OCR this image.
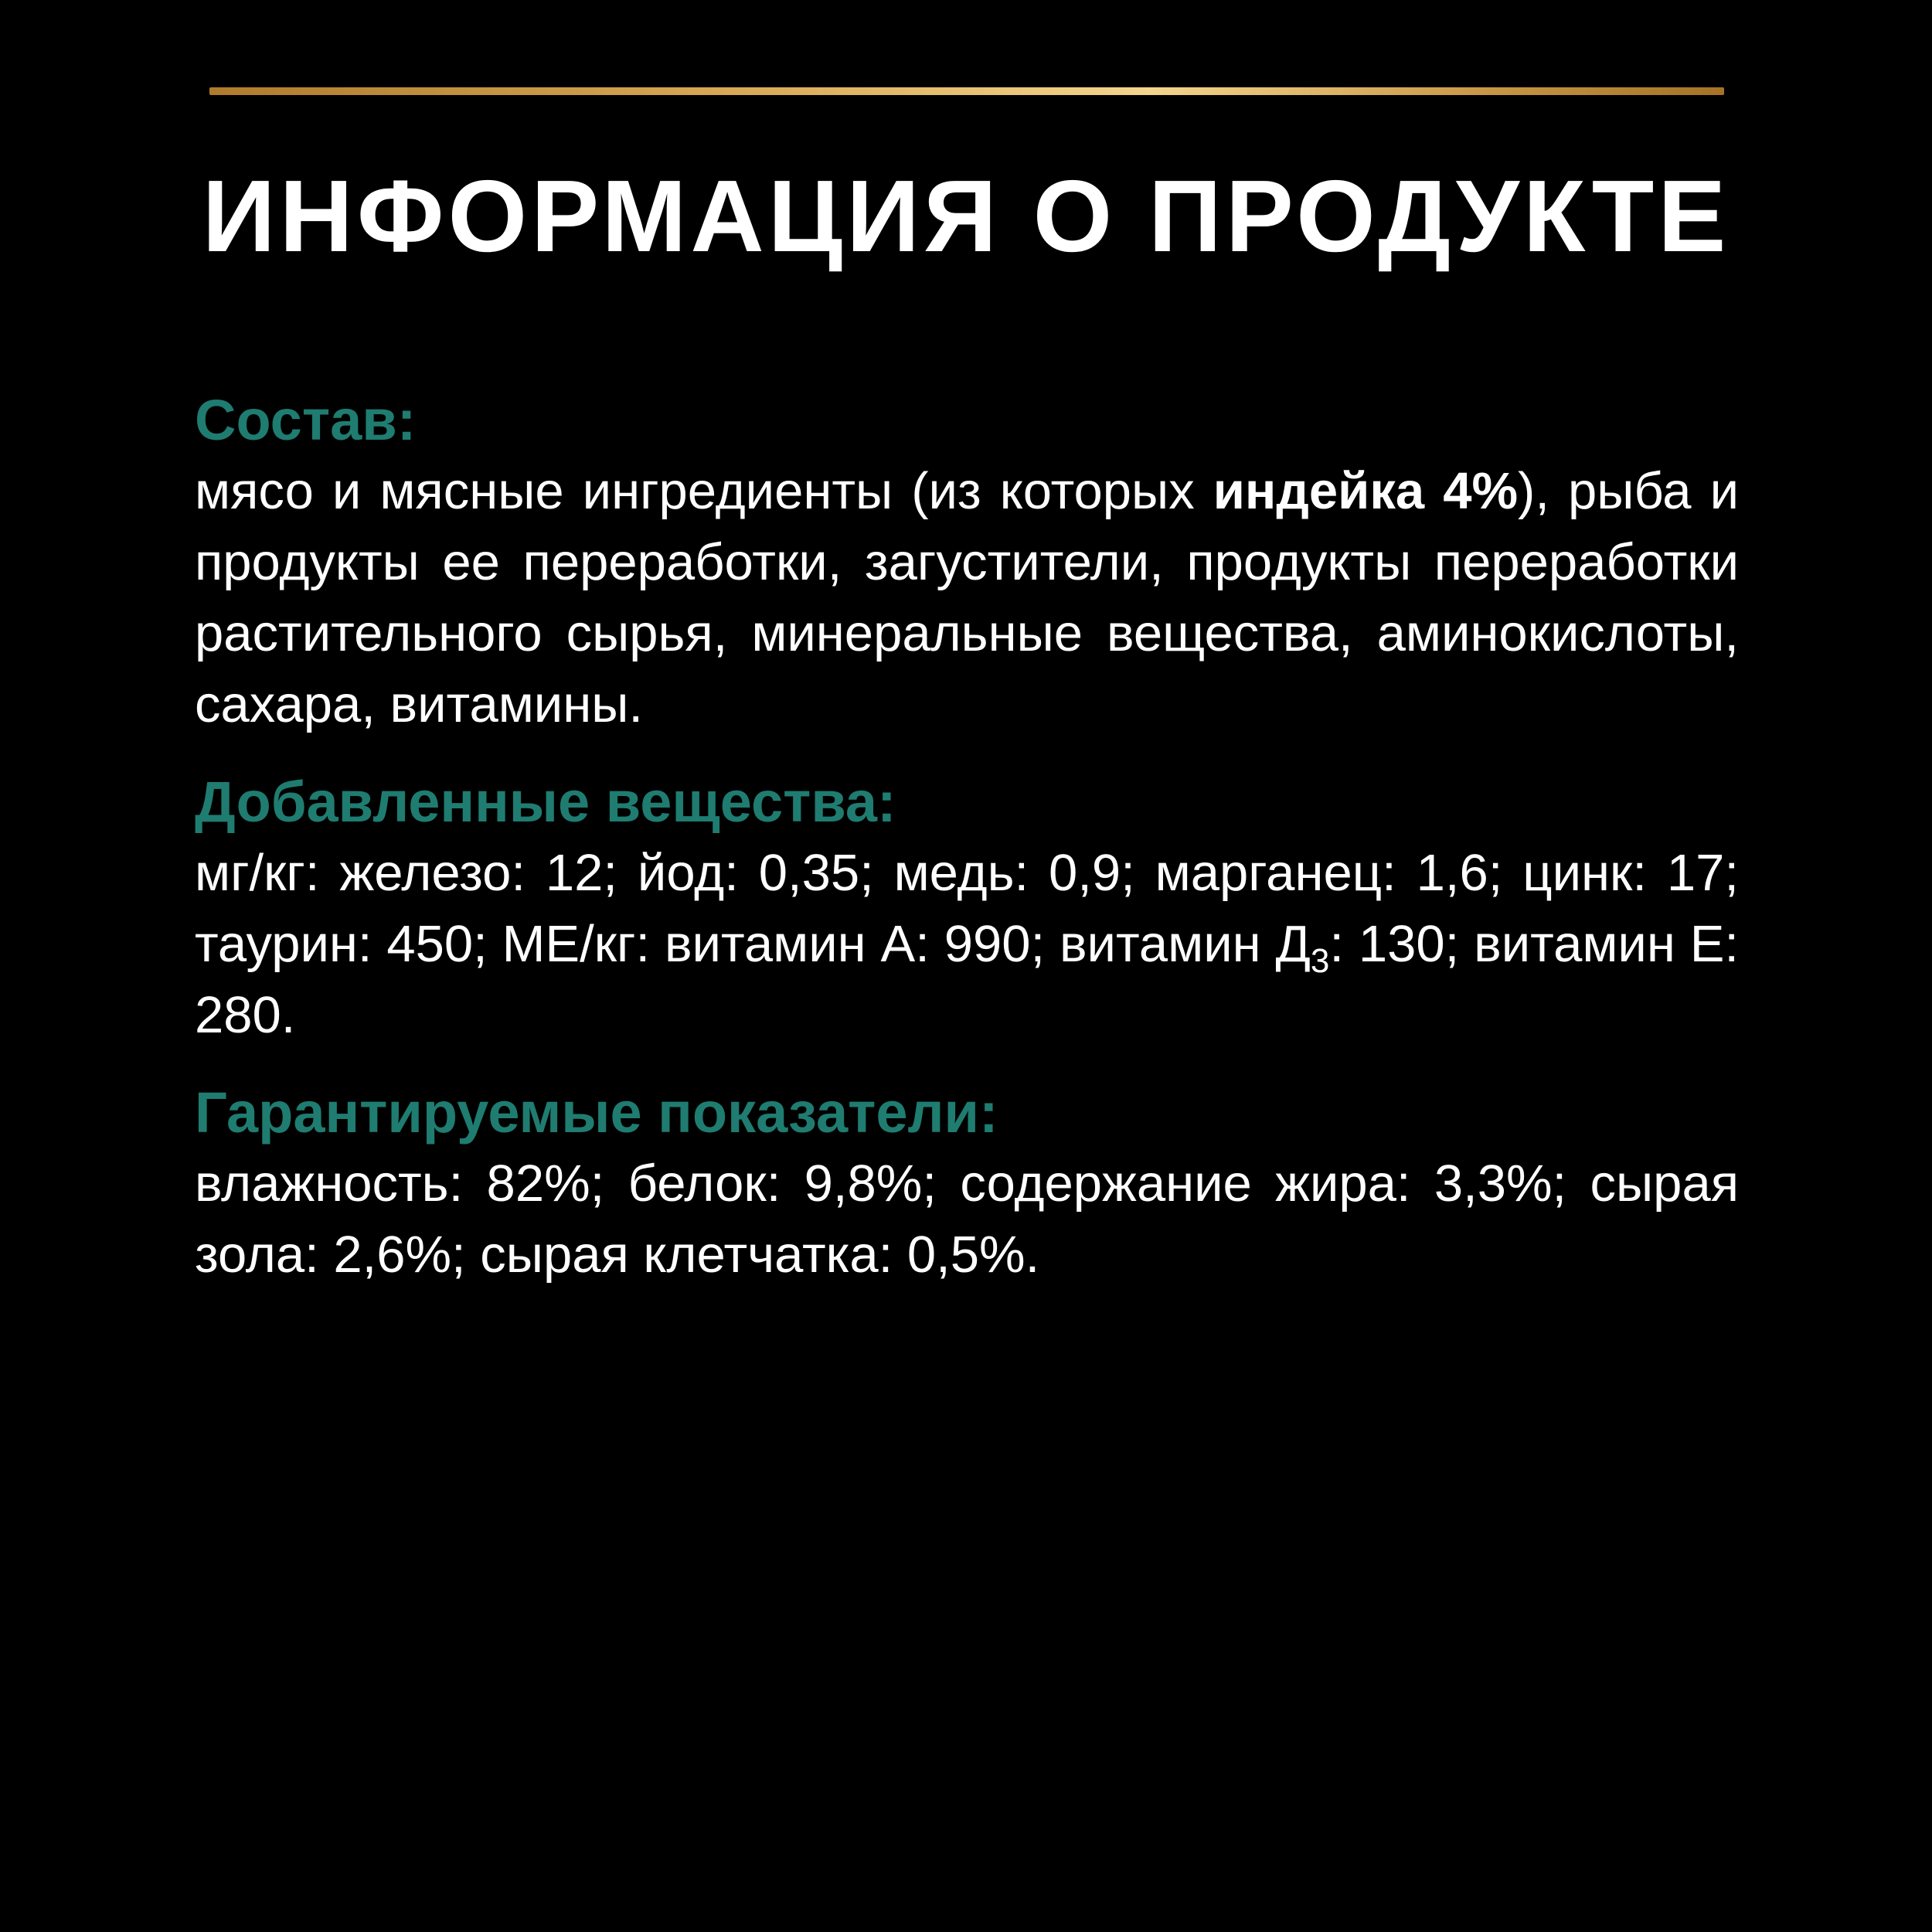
ИНФОРМАЦИЯ О ПРОДУКТЕ

Состав:

мясо и мясные ингредиенты (из которых индейка 4%), рыба и продукты ее переработки, загустители, продукты переработки растительного сырья, минеральные вещества, аминокислоты, сахара, витамины.

Добавленные вещества:

мг/кг: железо: 12; йод: 0,35; медь: 0,9; марганец: 1,6; цинк: 17; таурин: 450; МЕ/кг: витамин А: 990; витамин $Д_3$: 130; витамин Е: 280.

Гарантируемые показатели:

влажность: 82%; белок: 9,8%; содержание жира: 3,3%; сырая зола: 2,6%; сырая клетчатка: 0,5%.
